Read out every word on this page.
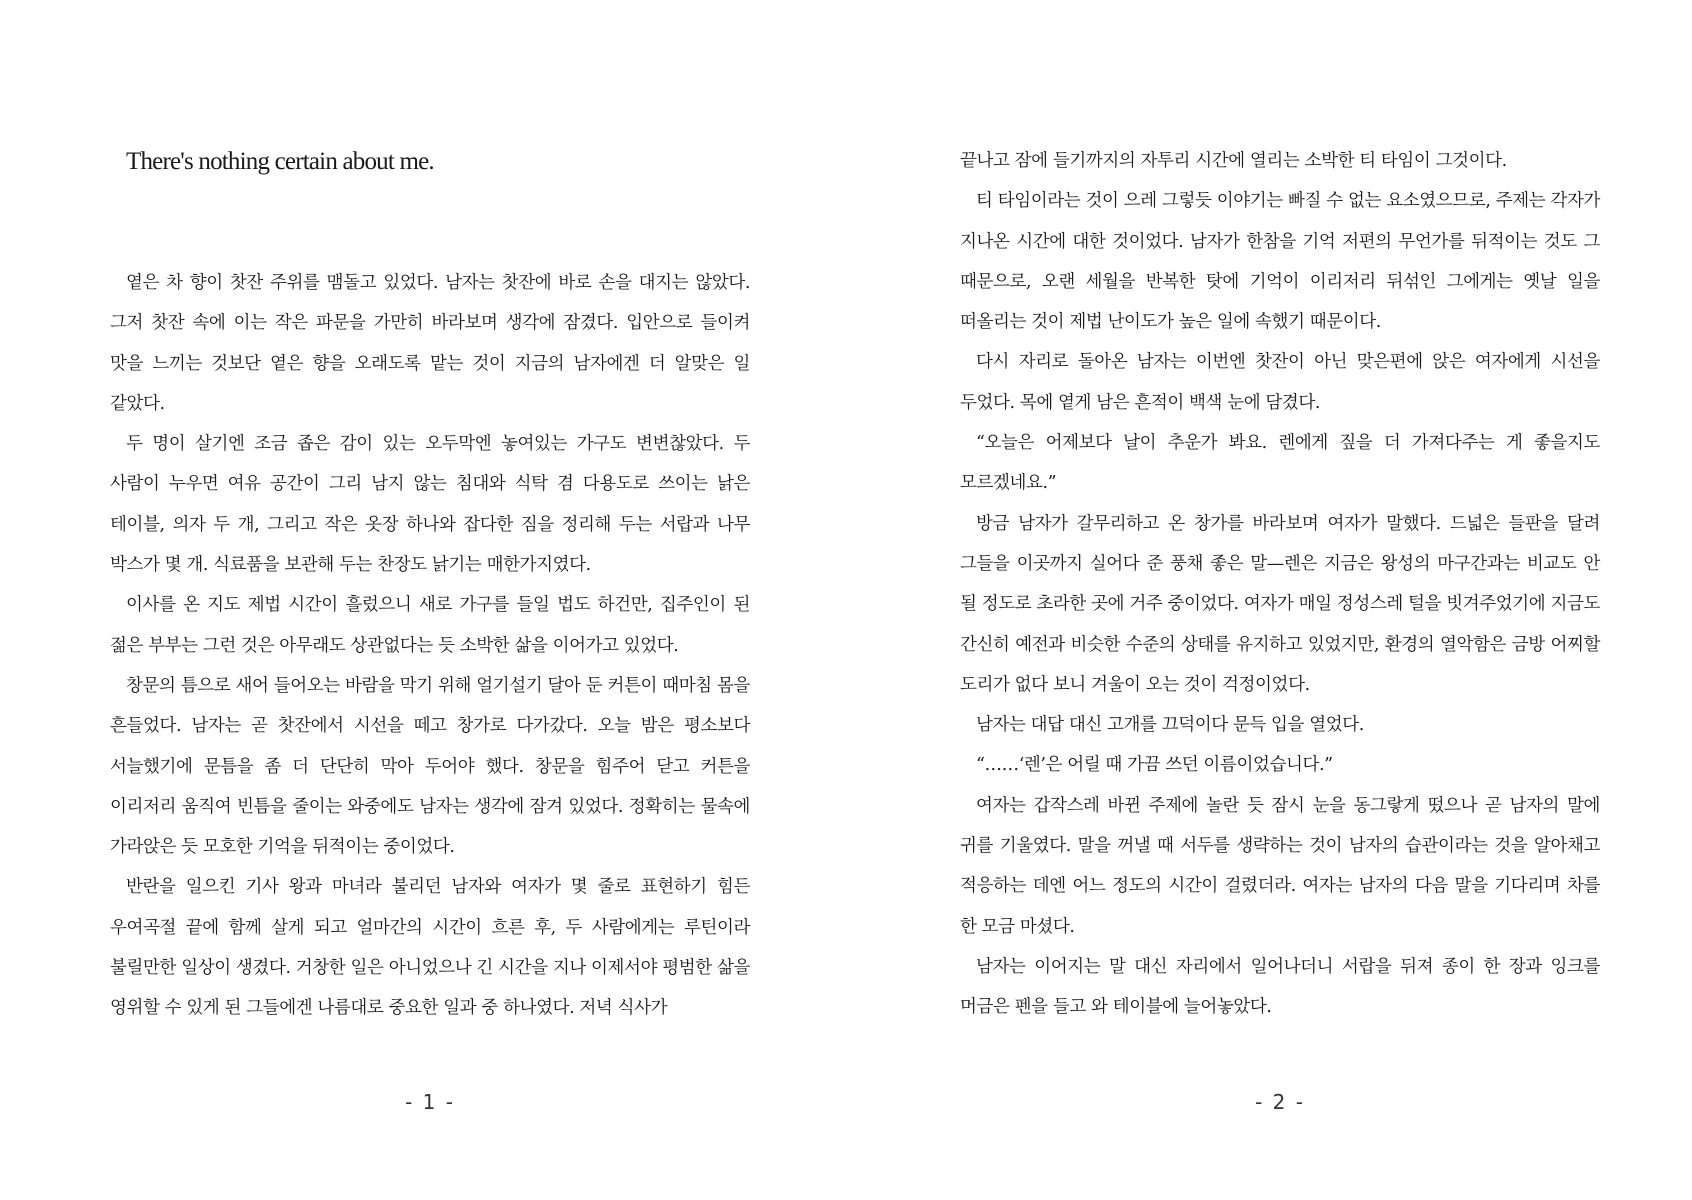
There's nothing certain about me.

옅은 차 향이 찻잔 주위를 맴돌고 있었다. 남자는 찻잔에 바로 손을 대지는 않았다. 그저 찻잔 속에 이는 작은 파문을 가만히 바라보며 생각에 잠겼다. 입안으로 들이켜 맛을 느끼는 것보단 옅은 향을 오래도록 맡는 것이 지금의 남자에겐 더 알맞은 일 같았다.

두 명이 살기엔 조금 좁은 감이 있는 오두막엔 놓여있는 가구도 변변찮았다. 두 사람이 누우면 여유 공간이 그리 남지 않는 침대와 식탁 겸 다용도로 쓰이는 낡은 테이블, 의자 두 개, 그리고 작은 옷장 하나와 잡다한 짐을 정리해 두는 서랍과 나무 박스가 몇 개. 식료품을 보관해 두는 찬장도 낡기는 매한가지였다.

이사를 온 지도 제법 시간이 흘렀으니 새로 가구를 들일 법도 하건만, 집주인이 된 젊은 부부는 그런 것은 아무래도 상관없다는 듯 소박한 삶을 이어가고 있었다.

창문의 틈으로 새어 들어오는 바람을 막기 위해 얼기설기 달아 둔 커튼이 때마침 몸을 흔들었다. 남자는 곧 찻잔에서 시선을 떼고 창가로 다가갔다. 오늘 밤은 평소보다 서늘했기에 문틈을 좀 더 단단히 막아 두어야 했다. 창문을 힘주어 닫고 커튼을 이리저리 움직여 빈틈을 줄이는 와중에도 남자는 생각에 잠겨 있었다. 정확히는 물속에 가라앉은 듯 모호한 기억을 뒤적이는 중이었다.

반란을 일으킨 기사 왕과 마녀라 불리던 남자와 여자가 몇 줄로 표현하기 힘든 우여곡절 끝에 함께 살게 되고 얼마간의 시간이 흐른 후, 두 사람에게는 루틴이라 불릴만한 일상이 생겼다. 거창한 일은 아니었으나 긴 시간을 지나 이제서야 평범한 삶을 영위할 수 있게 된 그들에겐 나름대로 중요한 일과 중 하나였다. 저녁 식사가

- 1 -

끝나고 잠에 들기까지의 자투리 시간에 열리는 소박한 티 타임이 그것이다.

티 타임이라는 것이 으레 그렇듯 이야기는 빠질 수 없는 요소였으므로, 주제는 각자가 지나온 시간에 대한 것이었다. 남자가 한참을 기억 저편의 무언가를 뒤적이는 것도 그 때문으로, 오랜 세월을 반복한 탓에 기억이 이리저리 뒤섞인 그에게는 옛날 일을 떠올리는 것이 제법 난이도가 높은 일에 속했기 때문이다.

다시 자리로 돌아온 남자는 이번엔 찻잔이 아닌 맞은편에 앉은 여자에게 시선을 두었다. 목에 옅게 남은 흔적이 백색 눈에 담겼다.

“오늘은 어제보다 날이 추운가 봐요. 렌에게 짚을 더 가져다주는 게 좋을지도 모르겠네요.”

방금 남자가 갈무리하고 온 창가를 바라보며 여자가 말했다. 드넓은 들판을 달려 그들을 이곳까지 실어다 준 풍채 좋은 말—렌은 지금은 왕성의 마구간과는 비교도 안 될 정도로 초라한 곳에 거주 중이었다. 여자가 매일 정성스레 털을 빗겨주었기에 지금도 간신히 예전과 비슷한 수준의 상태를 유지하고 있었지만, 환경의 열악함은 금방 어찌할 도리가 없다 보니 겨울이 오는 것이 걱정이었다.

남자는 대답 대신 고개를 끄덕이다 문득 입을 열었다.

“……‘렌’은 어릴 때 가끔 쓰던 이름이었습니다.”

여자는 갑작스레 바뀐 주제에 놀란 듯 잠시 눈을 동그랗게 떴으나 곧 남자의 말에 귀를 기울였다. 말을 꺼낼 때 서두를 생략하는 것이 남자의 습관이라는 것을 알아채고 적응하는 데엔 어느 정도의 시간이 걸렸더라. 여자는 남자의 다음 말을 기다리며 차를 한 모금 마셨다.

남자는 이어지는 말 대신 자리에서 일어나더니 서랍을 뒤져 종이 한 장과 잉크를 머금은 펜을 들고 와 테이블에 늘어놓았다.

- 2 -
